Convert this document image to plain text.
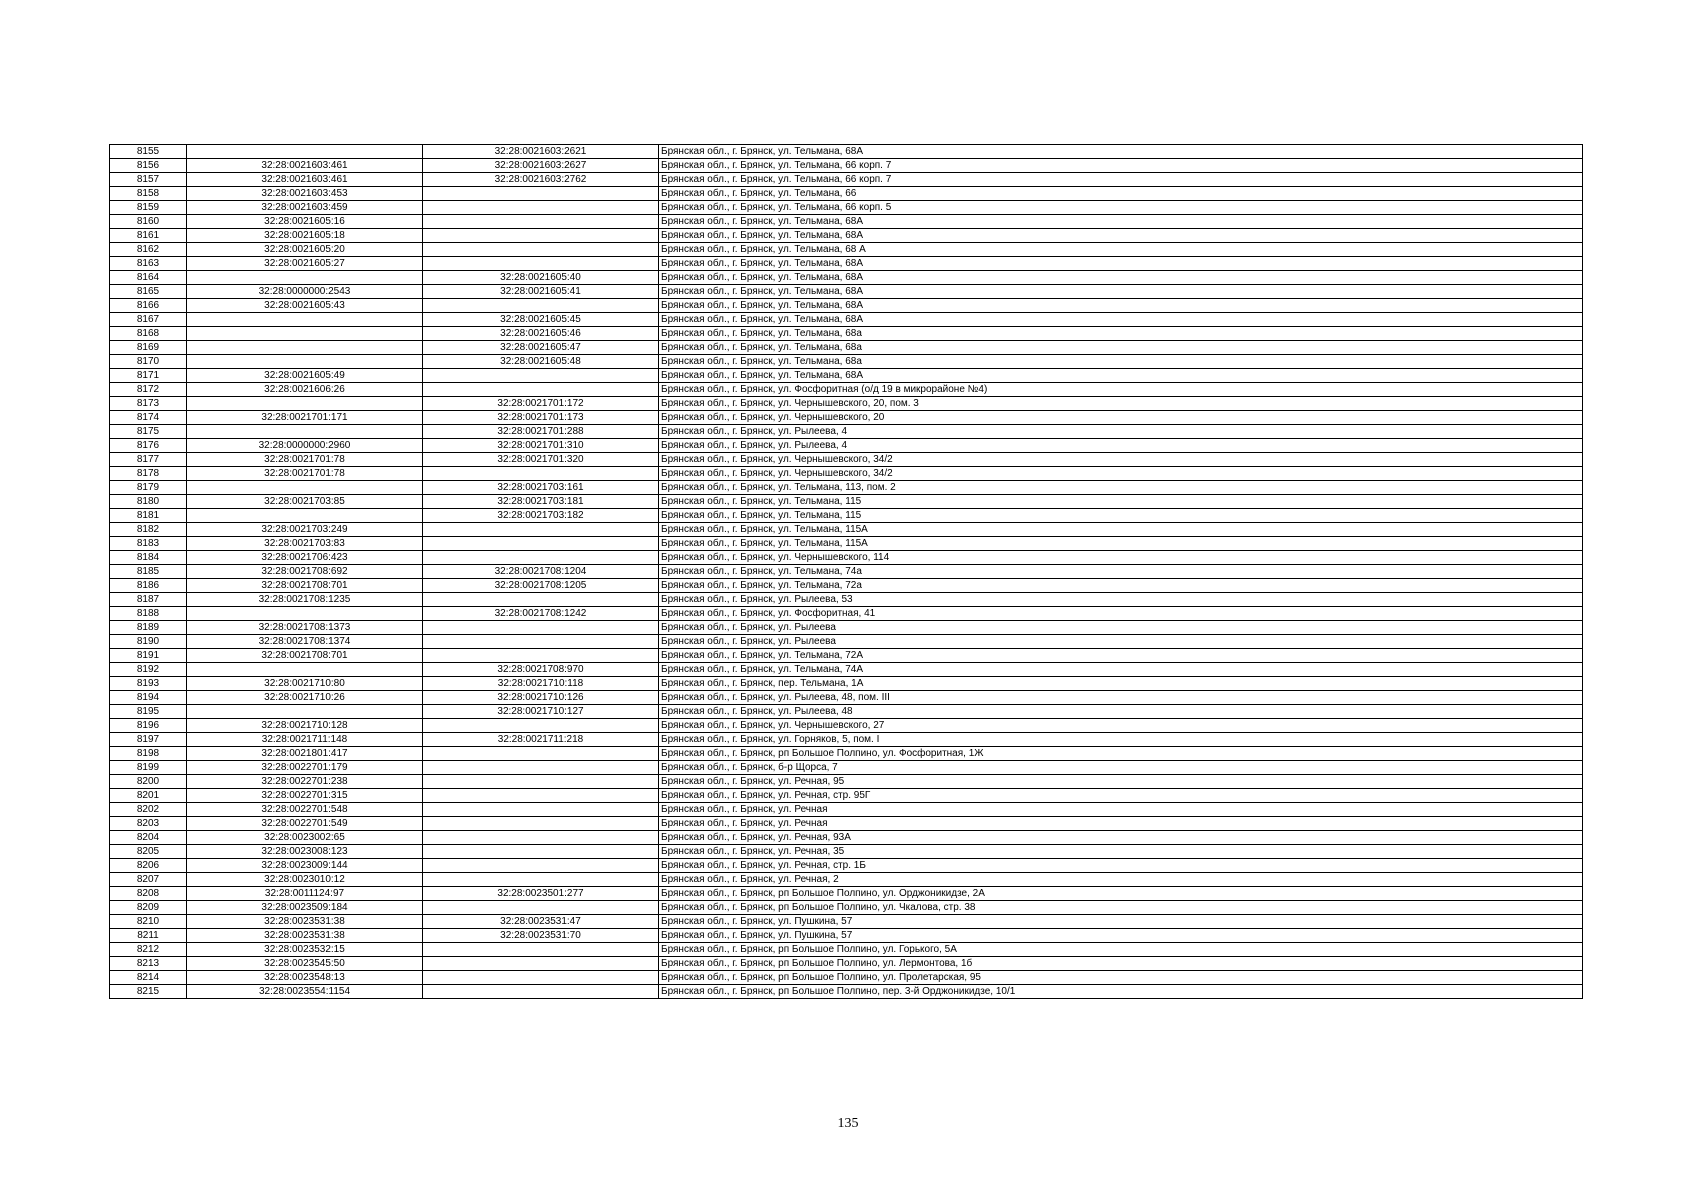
8155		32:28:0021603:2621	Брянская обл., г. Брянск, ул. Тельмана, 68А
8156	32:28:0021603:461	32:28:0021603:2627	Брянская обл., г. Брянск, ул. Тельмана, 66 корп. 7
8157	32:28:0021603:461	32:28:0021603:2762	Брянская обл., г. Брянск, ул. Тельмана, 66 корп. 7
8158	32:28:0021603:453		Брянская обл., г. Брянск, ул. Тельмана, 66
8159	32:28:0021603:459		Брянская обл., г. Брянск, ул. Тельмана, 66 корп. 5
8160	32:28:0021605:16		Брянская обл., г. Брянск, ул. Тельмана, 68А
8161	32:28:0021605:18		Брянская обл., г. Брянск, ул. Тельмана, 68А
8162	32:28:0021605:20		Брянская обл., г. Брянск, ул. Тельмана, 68 А
8163	32:28:0021605:27		Брянская обл., г. Брянск, ул. Тельмана, 68А
8164		32:28:0021605:40	Брянская обл., г. Брянск, ул. Тельмана, 68А
8165	32:28:0000000:2543	32:28:0021605:41	Брянская обл., г. Брянск, ул. Тельмана, 68А
8166	32:28:0021605:43		Брянская обл., г. Брянск, ул. Тельмана, 68А
8167		32:28:0021605:45	Брянская обл., г. Брянск, ул. Тельмана, 68А
8168		32:28:0021605:46	Брянская обл., г. Брянск, ул. Тельмана, 68а
8169		32:28:0021605:47	Брянская обл., г. Брянск, ул. Тельмана, 68а
8170		32:28:0021605:48	Брянская обл., г. Брянск, ул. Тельмана, 68а
8171	32:28:0021605:49		Брянская обл., г. Брянск, ул. Тельмана, 68А
8172	32:28:0021606:26		Брянская обл., г. Брянск, ул. Фосфоритная (о/д 19 в микрорайоне №4)
8173		32:28:0021701:172	Брянская обл., г. Брянск, ул. Чернышевского, 20, пом. 3
8174	32:28:0021701:171	32:28:0021701:173	Брянская обл., г. Брянск, ул. Чернышевского, 20
8175		32:28:0021701:288	Брянская обл., г. Брянск, ул. Рылеева, 4
8176	32:28:0000000:2960	32:28:0021701:310	Брянская обл., г. Брянск, ул. Рылеева, 4
8177	32:28:0021701:78	32:28:0021701:320	Брянская обл., г. Брянск, ул. Чернышевского, 34/2
8178	32:28:0021701:78		Брянская обл., г. Брянск, ул. Чернышевского, 34/2
8179		32:28:0021703:161	Брянская обл., г. Брянск, ул. Тельмана, 113, пом. 2
8180	32:28:0021703:85	32:28:0021703:181	Брянская обл., г. Брянск, ул. Тельмана, 115
8181		32:28:0021703:182	Брянская обл., г. Брянск, ул. Тельмана, 115
8182	32:28:0021703:249		Брянская обл., г. Брянск, ул. Тельмана, 115А
8183	32:28:0021703:83		Брянская обл., г. Брянск, ул. Тельмана, 115А
8184	32:28:0021706:423		Брянская обл., г. Брянск, ул. Чернышевского, 114
8185	32:28:0021708:692	32:28:0021708:1204	Брянская обл., г. Брянск, ул. Тельмана, 74а
8186	32:28:0021708:701	32:28:0021708:1205	Брянская обл., г. Брянск, ул. Тельмана, 72а
8187	32:28:0021708:1235		Брянская обл., г. Брянск, ул. Рылеева, 53
8188		32:28:0021708:1242	Брянская обл., г. Брянск, ул. Фосфоритная, 41
8189	32:28:0021708:1373		Брянская обл., г. Брянск, ул. Рылеева
8190	32:28:0021708:1374		Брянская обл., г. Брянск, ул. Рылеева
8191	32:28:0021708:701		Брянская обл., г. Брянск, ул. Тельмана, 72А
8192		32:28:0021708:970	Брянская обл., г. Брянск, ул. Тельмана, 74А
8193	32:28:0021710:80	32:28:0021710:118	Брянская обл., г. Брянск, пер. Тельмана, 1А
8194	32:28:0021710:26	32:28:0021710:126	Брянская обл., г. Брянск, ул. Рылеева, 48, пом. III
8195		32:28:0021710:127	Брянская обл., г. Брянск, ул. Рылеева, 48
8196	32:28:0021710:128		Брянская обл., г. Брянск, ул. Чернышевского, 27
8197	32:28:0021711:148	32:28:0021711:218	Брянская обл., г. Брянск, ул. Горняков, 5, пом. I
8198	32:28:0021801:417		Брянская обл., г. Брянск, рп Большое Полпино, ул. Фосфоритная, 1Ж
8199	32:28:0022701:179		Брянская обл., г. Брянск, б-р Щорса, 7
8200	32:28:0022701:238		Брянская обл., г. Брянск, ул. Речная, 95
8201	32:28:0022701:315		Брянская обл., г. Брянск, ул. Речная, стр. 95Г
8202	32:28:0022701:548		Брянская обл., г. Брянск, ул. Речная
8203	32:28:0022701:549		Брянская обл., г. Брянск, ул. Речная
8204	32:28:0023002:65		Брянская обл., г. Брянск, ул. Речная, 93А
8205	32:28:0023008:123		Брянская обл., г. Брянск, ул. Речная, 35
8206	32:28:0023009:144		Брянская обл., г. Брянск, ул. Речная, стр. 1Б
8207	32:28:0023010:12		Брянская обл., г. Брянск, ул. Речная, 2
8208	32:28:0011124:97	32:28:0023501:277	Брянская обл., г. Брянск, рп Большое Полпино, ул. Орджоникидзе, 2А
8209	32:28:0023509:184		Брянская обл., г. Брянск, рп Большое Полпино, ул. Чкалова, стр. 38
8210	32:28:0023531:38	32:28:0023531:47	Брянская обл., г. Брянск, ул. Пушкина, 57
8211	32:28:0023531:38	32:28:0023531:70	Брянская обл., г. Брянск, ул. Пушкина, 57
8212	32:28:0023532:15		Брянская обл., г. Брянск, рп Большое Полпино, ул. Горького, 5А
8213	32:28:0023545:50		Брянская обл., г. Брянск, рп Большое Полпино, ул. Лермонтова, 1б
8214	32:28:0023548:13		Брянская обл., г. Брянск, рп Большое Полпино, ул. Пролетарская, 95
8215	32:28:0023554:1154		Брянская обл., г. Брянск, рп Большое Полпино, пер. 3-й Орджоникидзе, 10/1
135
